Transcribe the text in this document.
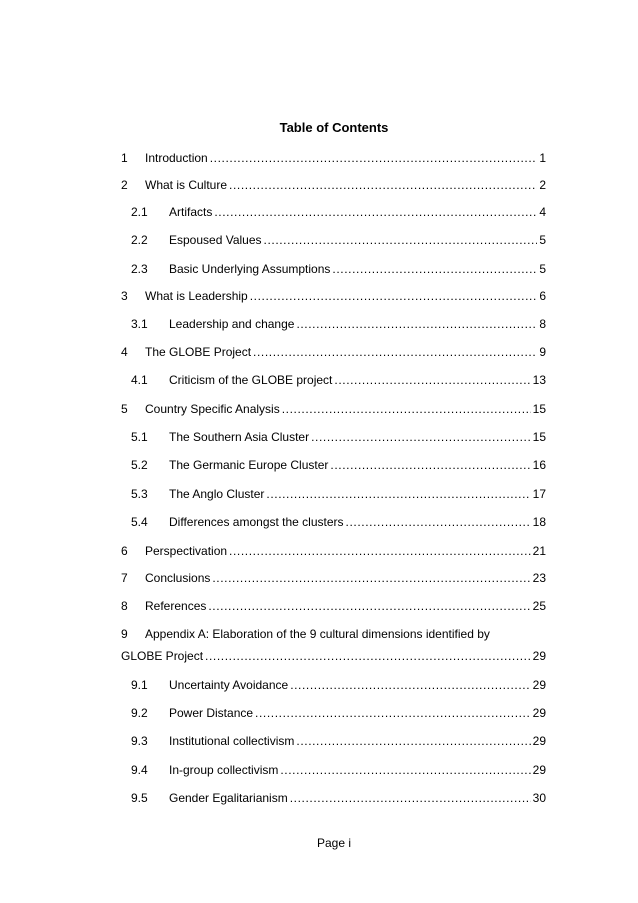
Table of Contents
1	Introduction .....	1
2	What is Culture .....	2
2.1	Artifacts .....	4
2.2	Espoused Values .....	5
2.3	Basic Underlying Assumptions .....	5
3	What is Leadership .....	6
3.1	Leadership and change .....	8
4	The GLOBE Project .....	9
4.1	Criticism of the GLOBE project .....	13
5	Country Specific Analysis .....	15
5.1	The Southern Asia Cluster .....	15
5.2	The Germanic Europe Cluster .....	16
5.3	The Anglo Cluster .....	17
5.4	Differences amongst the clusters .....	18
6	Perspectivation .....	21
7	Conclusions .....	23
8	References .....	25
9	Appendix A: Elaboration of the 9 cultural dimensions identified by
GLOBE Project .....	29
9.1	Uncertainty Avoidance .....	29
9.2	Power Distance .....	29
9.3	Institutional collectivism .....	29
9.4	In-group collectivism .....	29
9.5	Gender Egalitarianism .....	30
Page i
